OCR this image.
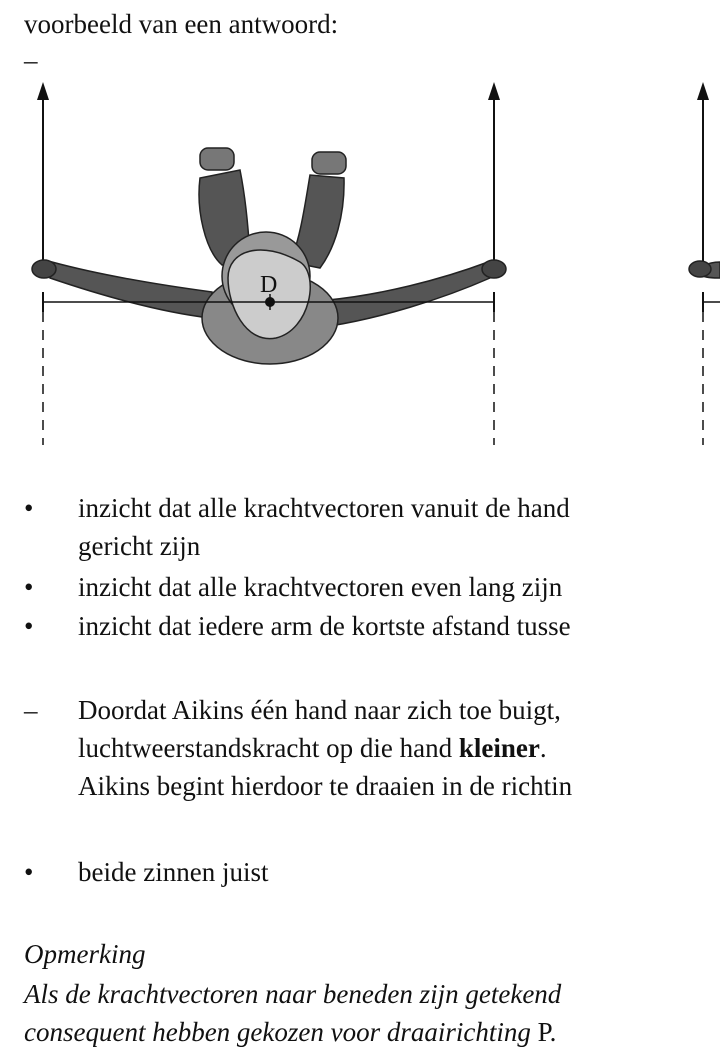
voorbeeld van een antwoord:
–
D
• inzicht dat alle krachtvectoren vanuit de hand
gericht zijn
• inzicht dat alle krachtvectoren even lang zijn
• inzicht dat iedere arm de kortste afstand tusse
– Doordat Aikins één hand naar zich toe buigt,
luchtweerstandskracht op die hand kleiner.
Aikins begint hierdoor te draaien in de richtin
• beide zinnen juist
Opmerking
Als de krachtvectoren naar beneden zijn getekend
consequent hebben gekozen voor draairichting P.
